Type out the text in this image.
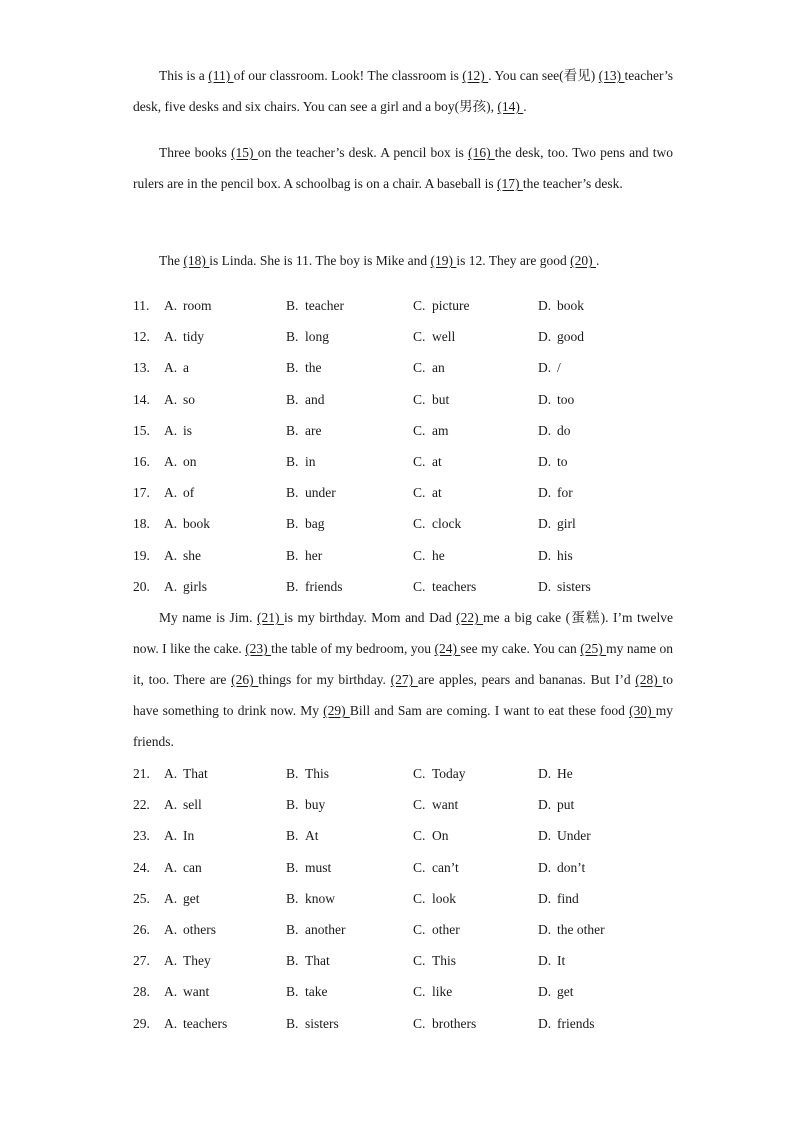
This is a (11) of our classroom. Look! The classroom is (12) . You can see(看见) (13) teacher’s desk, five desks and six chairs. You can see a girl and a boy(男孩), (14) .

Three books (15) on the teacher’s desk. A pencil box is (16) the desk, too. Two pens and two rulers are in the pencil box. A schoolbag is on a chair. A baseball is (17) the teacher’s desk.

The (18) is Linda. She is 11. The boy is Mike and (19) is 12. They are good (20) .

11.	A. room	B. teacher	C. picture	D. book
12.	A. tidy	B. long	C. well	D. good
13.	A. a	B. the	C. an	D. /
14.	A. so	B. and	C. but	D. too
15.	A. is	B. are	C. am	D. do
16.	A. on	B. in	C. at	D. to
17.	A. of	B. under	C. at	D. for
18.	A. book	B. bag	C. clock	D. girl
19.	A. she	B. her	C. he	D. his
20.	A. girls	B. friends	C. teachers	D. sisters

My name is Jim. (21) is my birthday. Mom and Dad (22) me a big cake (蛋糕). I’m twelve now. I like the cake. (23) the table of my bedroom, you (24) see my cake. You can (25) my name on it, too. There are (26) things for my birthday. (27) are apples, pears and bananas. But I’d (28) to have something to drink now. My (29) Bill and Sam are coming. I want to eat these food (30) my friends.

21.	A. That	B. This	C. Today	D. He
22.	A. sell	B. buy	C. want	D. put
23.	A. In	B. At	C. On	D. Under
24.	A. can	B. must	C. can’t	D. don’t
25.	A. get	B. know	C. look	D. find
26.	A. others	B. another	C. other	D. the other
27.	A. They	B. That	C. This	D. It
28.	A. want	B. take	C. like	D. get
29.	A. teachers	B. sisters	C. brothers	D. friends
